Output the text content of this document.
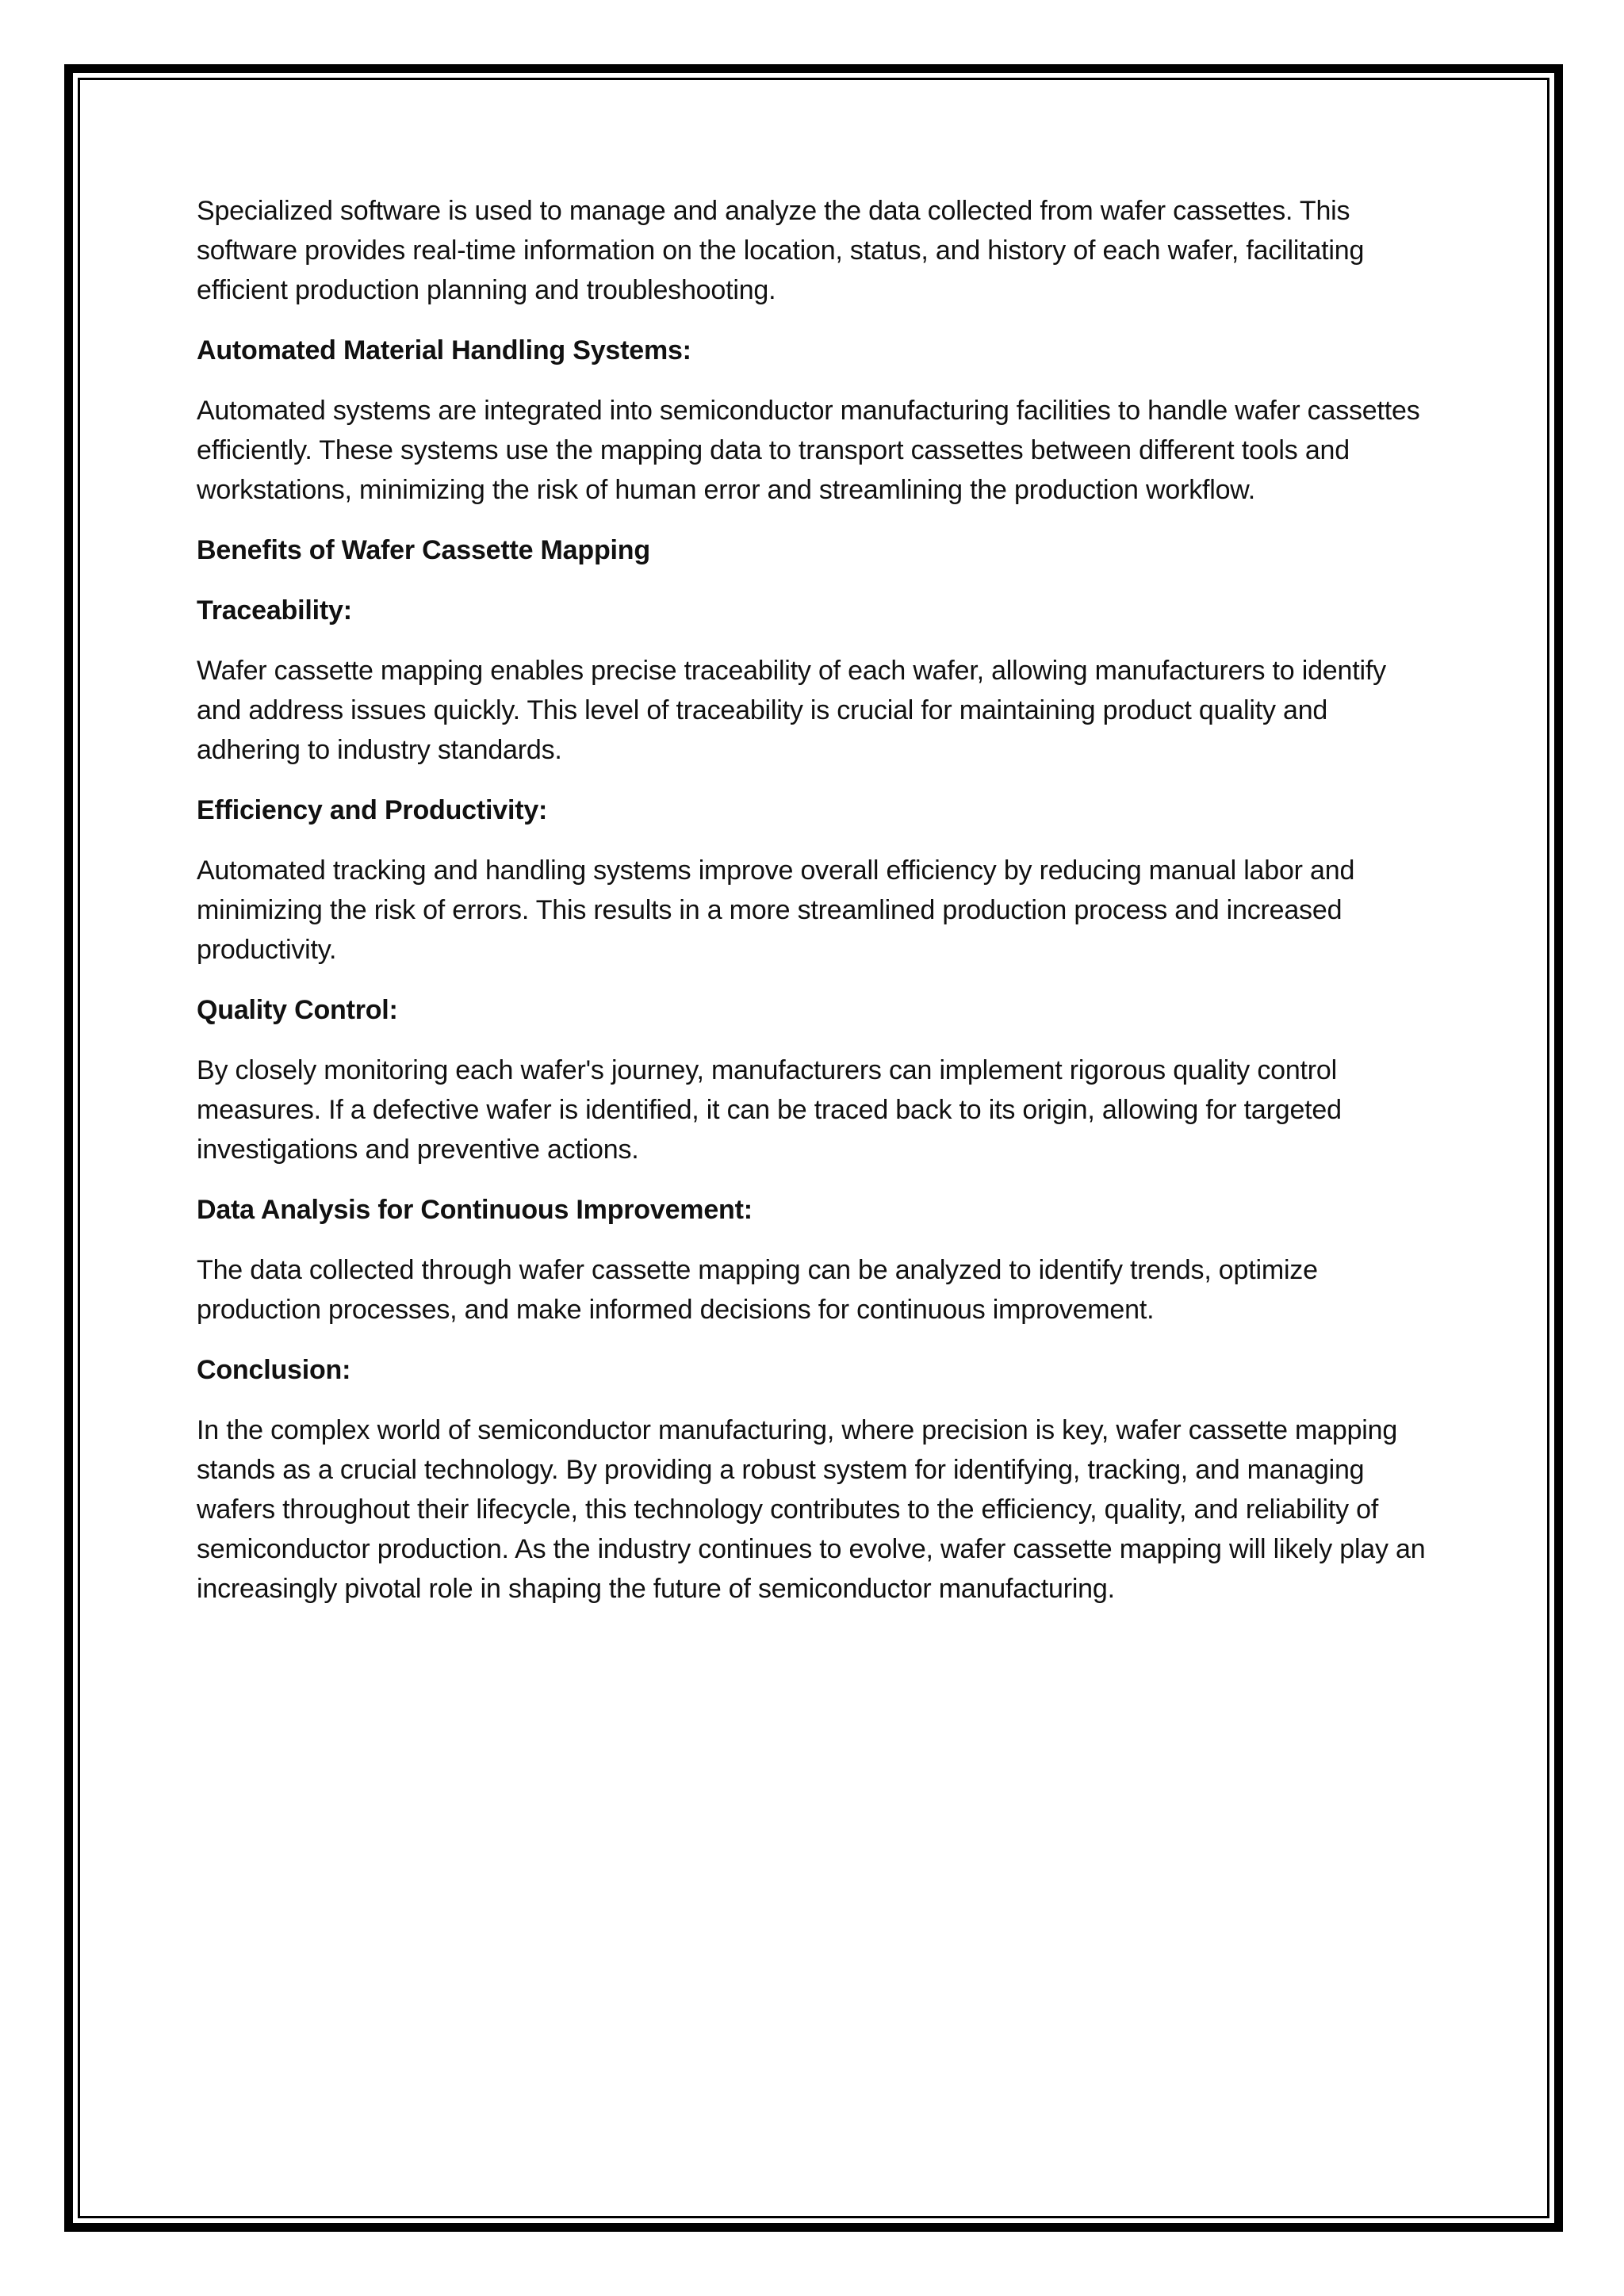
Specialized software is used to manage and analyze the data collected from wafer cassettes. This software provides real-time information on the location, status, and history of each wafer, facilitating efficient production planning and troubleshooting.

Automated Material Handling Systems:

Automated systems are integrated into semiconductor manufacturing facilities to handle wafer cassettes efficiently. These systems use the mapping data to transport cassettes between different tools and workstations, minimizing the risk of human error and streamlining the production workflow.

Benefits of Wafer Cassette Mapping

Traceability:

Wafer cassette mapping enables precise traceability of each wafer, allowing manufacturers to identify and address issues quickly. This level of traceability is crucial for maintaining product quality and adhering to industry standards.

Efficiency and Productivity:

Automated tracking and handling systems improve overall efficiency by reducing manual labor and minimizing the risk of errors. This results in a more streamlined production process and increased productivity.

Quality Control:

By closely monitoring each wafer's journey, manufacturers can implement rigorous quality control measures. If a defective wafer is identified, it can be traced back to its origin, allowing for targeted investigations and preventive actions.

Data Analysis for Continuous Improvement:

The data collected through wafer cassette mapping can be analyzed to identify trends, optimize production processes, and make informed decisions for continuous improvement.

Conclusion:

In the complex world of semiconductor manufacturing, where precision is key, wafer cassette mapping stands as a crucial technology. By providing a robust system for identifying, tracking, and managing wafers throughout their lifecycle, this technology contributes to the efficiency, quality, and reliability of semiconductor production. As the industry continues to evolve, wafer cassette mapping will likely play an increasingly pivotal role in shaping the future of semiconductor manufacturing.
